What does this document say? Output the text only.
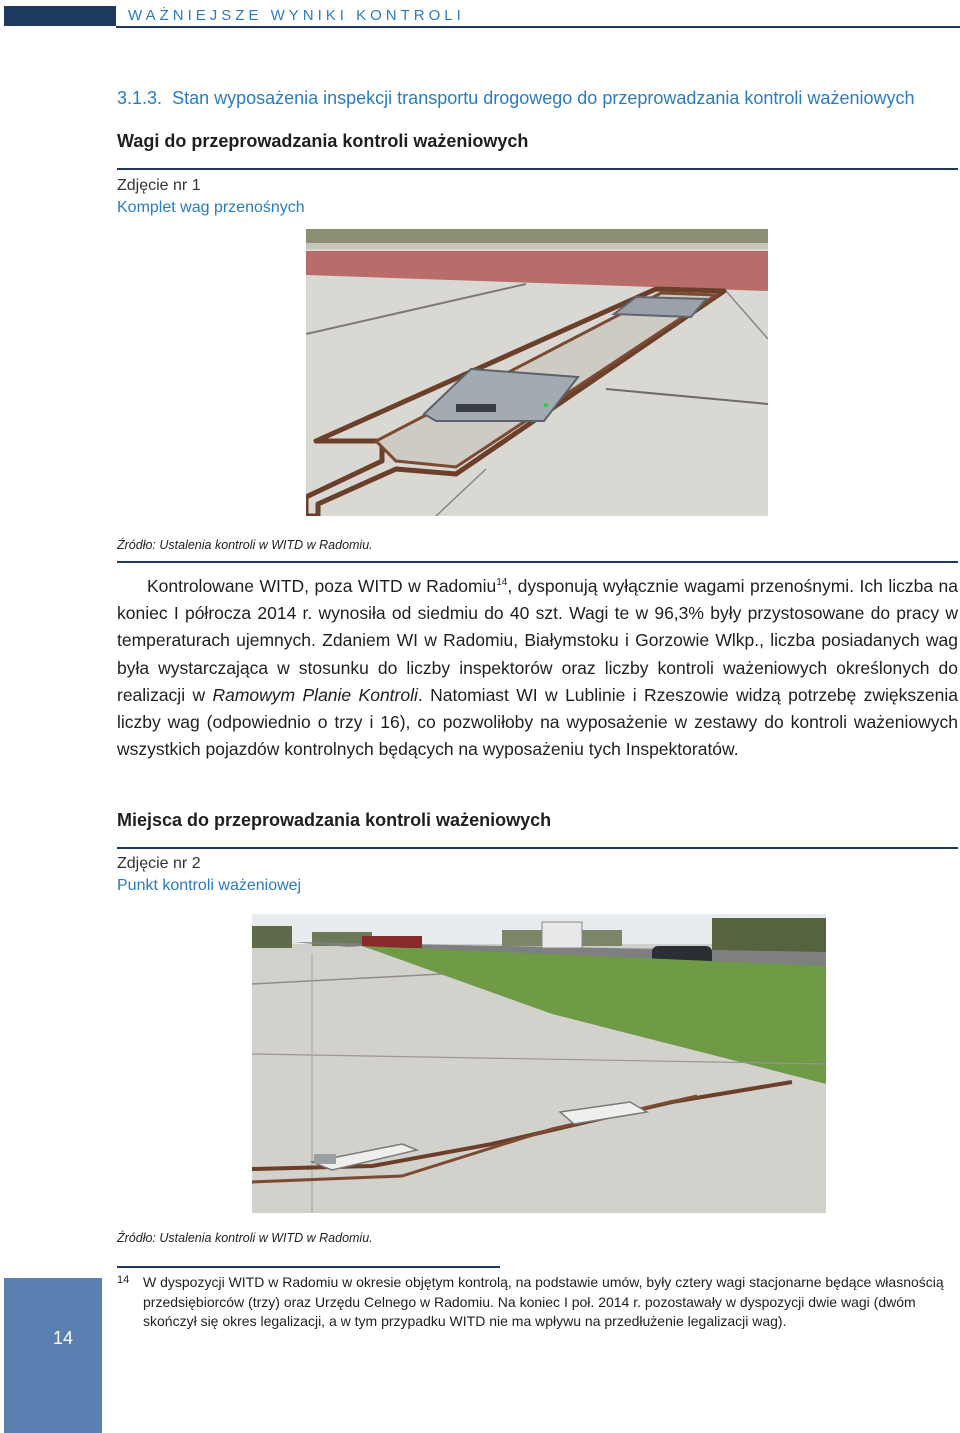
WAŻNIEJSZE WYNIKI KONTROLI
3.1.3. Stan wyposażenia inspekcji transportu drogowego do przeprowadzania kontroli ważeniowych
Wagi do przeprowadzania kontroli ważeniowych
Zdjęcie nr 1
Komplet wag przenośnych
Źródło: Ustalenia kontroli w WITD w Radomiu.
Kontrolowane WITD, poza WITD w Radomiu$^{14}$, dysponują wyłącznie wagami przenośnymi. Ich liczba na koniec I półrocza 2014 r. wynosiła od siedmiu do 40 szt. Wagi te w 96,3% były przystosowane do pracy w temperaturach ujemnych. Zdaniem WI w Radomiu, Białymstoku i Gorzowie Wlkp., liczba posiadanych wag była wystarczająca w stosunku do liczby inspektorów oraz liczby kontroli ważeniowych określonych do realizacji w Ramowym Planie Kontroli. Natomiast WI w Lublinie i Rzeszowie widzą potrzebę zwiększenia liczby wag (odpowiednio o trzy i 16), co pozwoliłoby na wyposażenie w zestawy do kontroli ważeniowych wszystkich pojazdów kontrolnych będących na wyposażeniu tych Inspektoratów.
Miejsca do przeprowadzania kontroli ważeniowych
Zdjęcie nr 2
Punkt kontroli ważeniowej
Źródło: Ustalenia kontroli w WITD w Radomiu.
14 W dyspozycji WITD w Radomiu w okresie objętym kontrolą, na podstawie umów, były cztery wagi stacjonarne będące własnością przedsiębiorców (trzy) oraz Urzędu Celnego w Radomiu. Na koniec I poł. 2014 r. pozostawały w dyspozycji dwie wagi (dwóm skończył się okres legalizacji, a w tym przypadku WITD nie ma wpływu na przedłużenie legalizacji wag).
14
